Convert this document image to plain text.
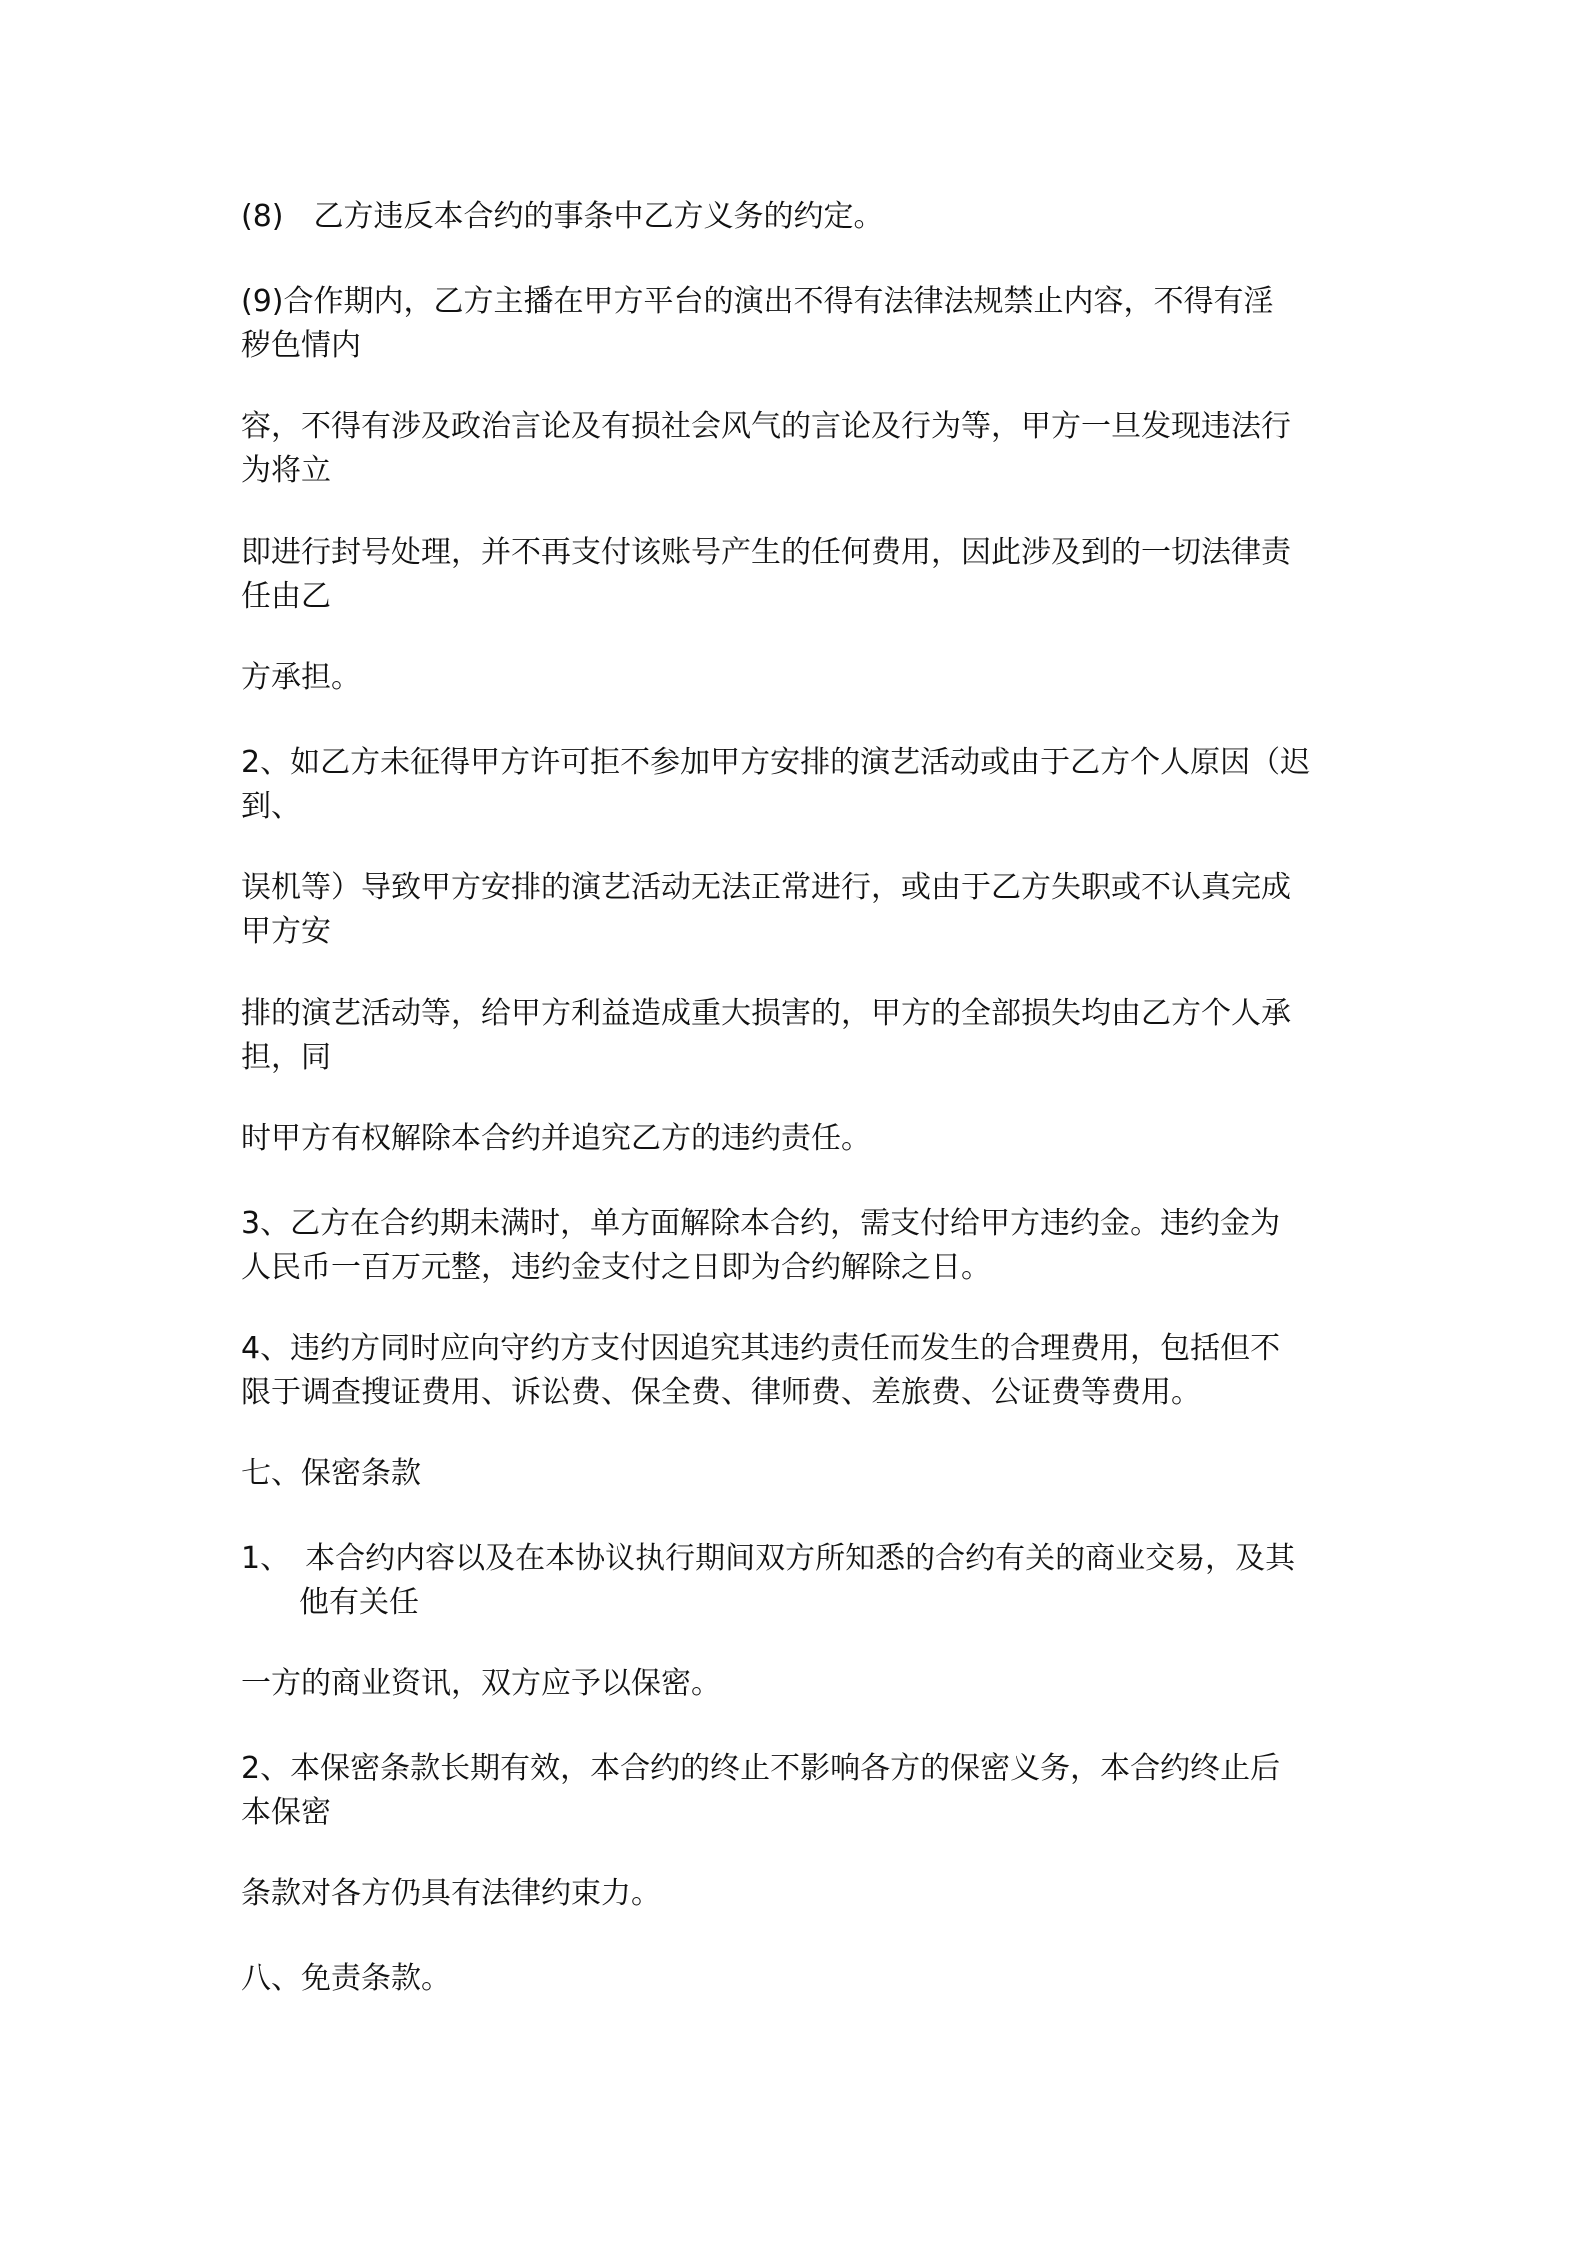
(8)　乙方违反本合约的事条中乙方义务的约定。

(9)合作期内，乙方主播在甲方平台的演出不得有法律法规禁止内容，不得有淫
秽色情内

容，不得有涉及政治言论及有损社会风气的言论及行为等，甲方一旦发现违法行
为将立

即进行封号处理，并不再支付该账号产生的任何费用，因此涉及到的一切法律责
任由乙

方承担。

2、如乙方未征得甲方许可拒不参加甲方安排的演艺活动或由于乙方个人原因（迟
到、

误机等）导致甲方安排的演艺活动无法正常进行，或由于乙方失职或不认真完成
甲方安

排的演艺活动等，给甲方利益造成重大损害的，甲方的全部损失均由乙方个人承
担，同

时甲方有权解除本合约并追究乙方的违约责任。

3、乙方在合约期未满时，单方面解除本合约，需支付给甲方违约金。违约金为
人民币一百万元整，违约金支付之日即为合约解除之日。

4、违约方同时应向守约方支付因追究其违约责任而发生的合理费用，包括但不
限于调查搜证费用、诉讼费、保全费、律师费、差旅费、公证费等费用。

七、保密条款

1、　本合约内容以及在本协议执行期间双方所知悉的合约有关的商业交易，及其
他有关任

一方的商业资讯，双方应予以保密。

2、本保密条款长期有效，本合约的终止不影响各方的保密义务，本合约终止后
本保密

条款对各方仍具有法律约束力。

八、免责条款。
